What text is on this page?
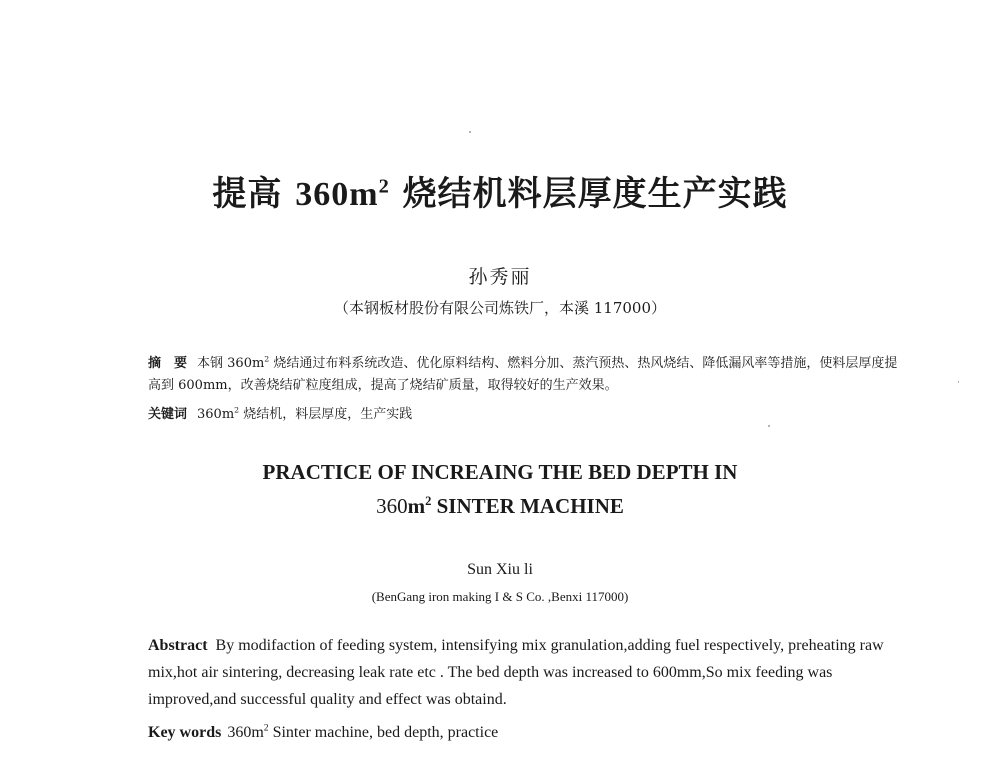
提高 $360m^2$ 烧结机料层厚度生产实践
孙秀丽
（本钢板材股份有限公司炼铁厂，本溪 117000）

摘　要 本钢 $360m^2$ 烧结通过布料系统改造、优化原料结构、燃料分加、蒸汽预热、热风烧结、降低漏风率等措施，使料层厚度提高到 600mm，改善烧结矿粒度组成，提高了烧结矿质量，取得较好的生产效果。

关键词 $360m^2$ 烧结机，料层厚度，生产实践

PRACTICE OF INCREAING THE BED DEPTH IN
$360m^2$ SINTER MACHINE
Sun Xiu li
(BenGang iron making I & S Co. ,Benxi 117000)

Abstract By modifaction of feeding system, intensifying mix granulation,adding fuel respectively, preheating raw mix,hot air sintering, decreasing leak rate etc . The bed depth was increased to 600mm,So mix feeding was improved,and successful quality and effect was obtaind.

Key words $360m^2$ Sinter machine, bed depth, practice
